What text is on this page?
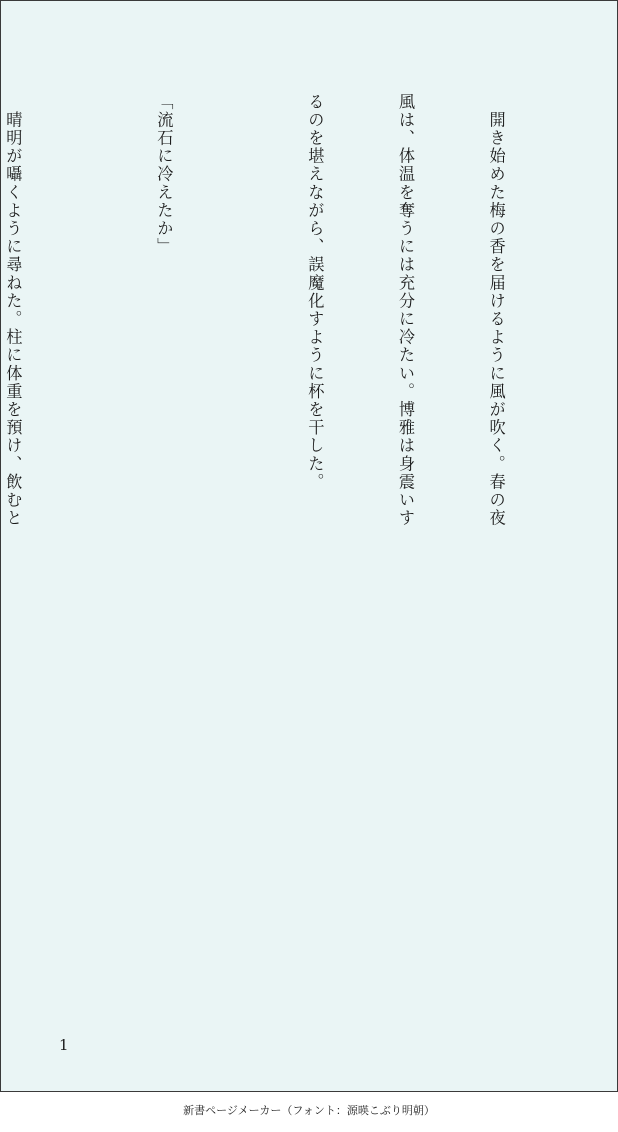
　開き始めた梅の香を届けるように風が吹く。春の夜

風は、体温を奪うには充分に冷たい。博雅は身震いす

るのを堪えながら、誤魔化すように杯を干した。

「流石に冷えたか」

　晴明が囁くように尋ねた。柱に体重を預け、飲むと

1
新書ページメーカー（フォント：源暎こぶり明朝）
